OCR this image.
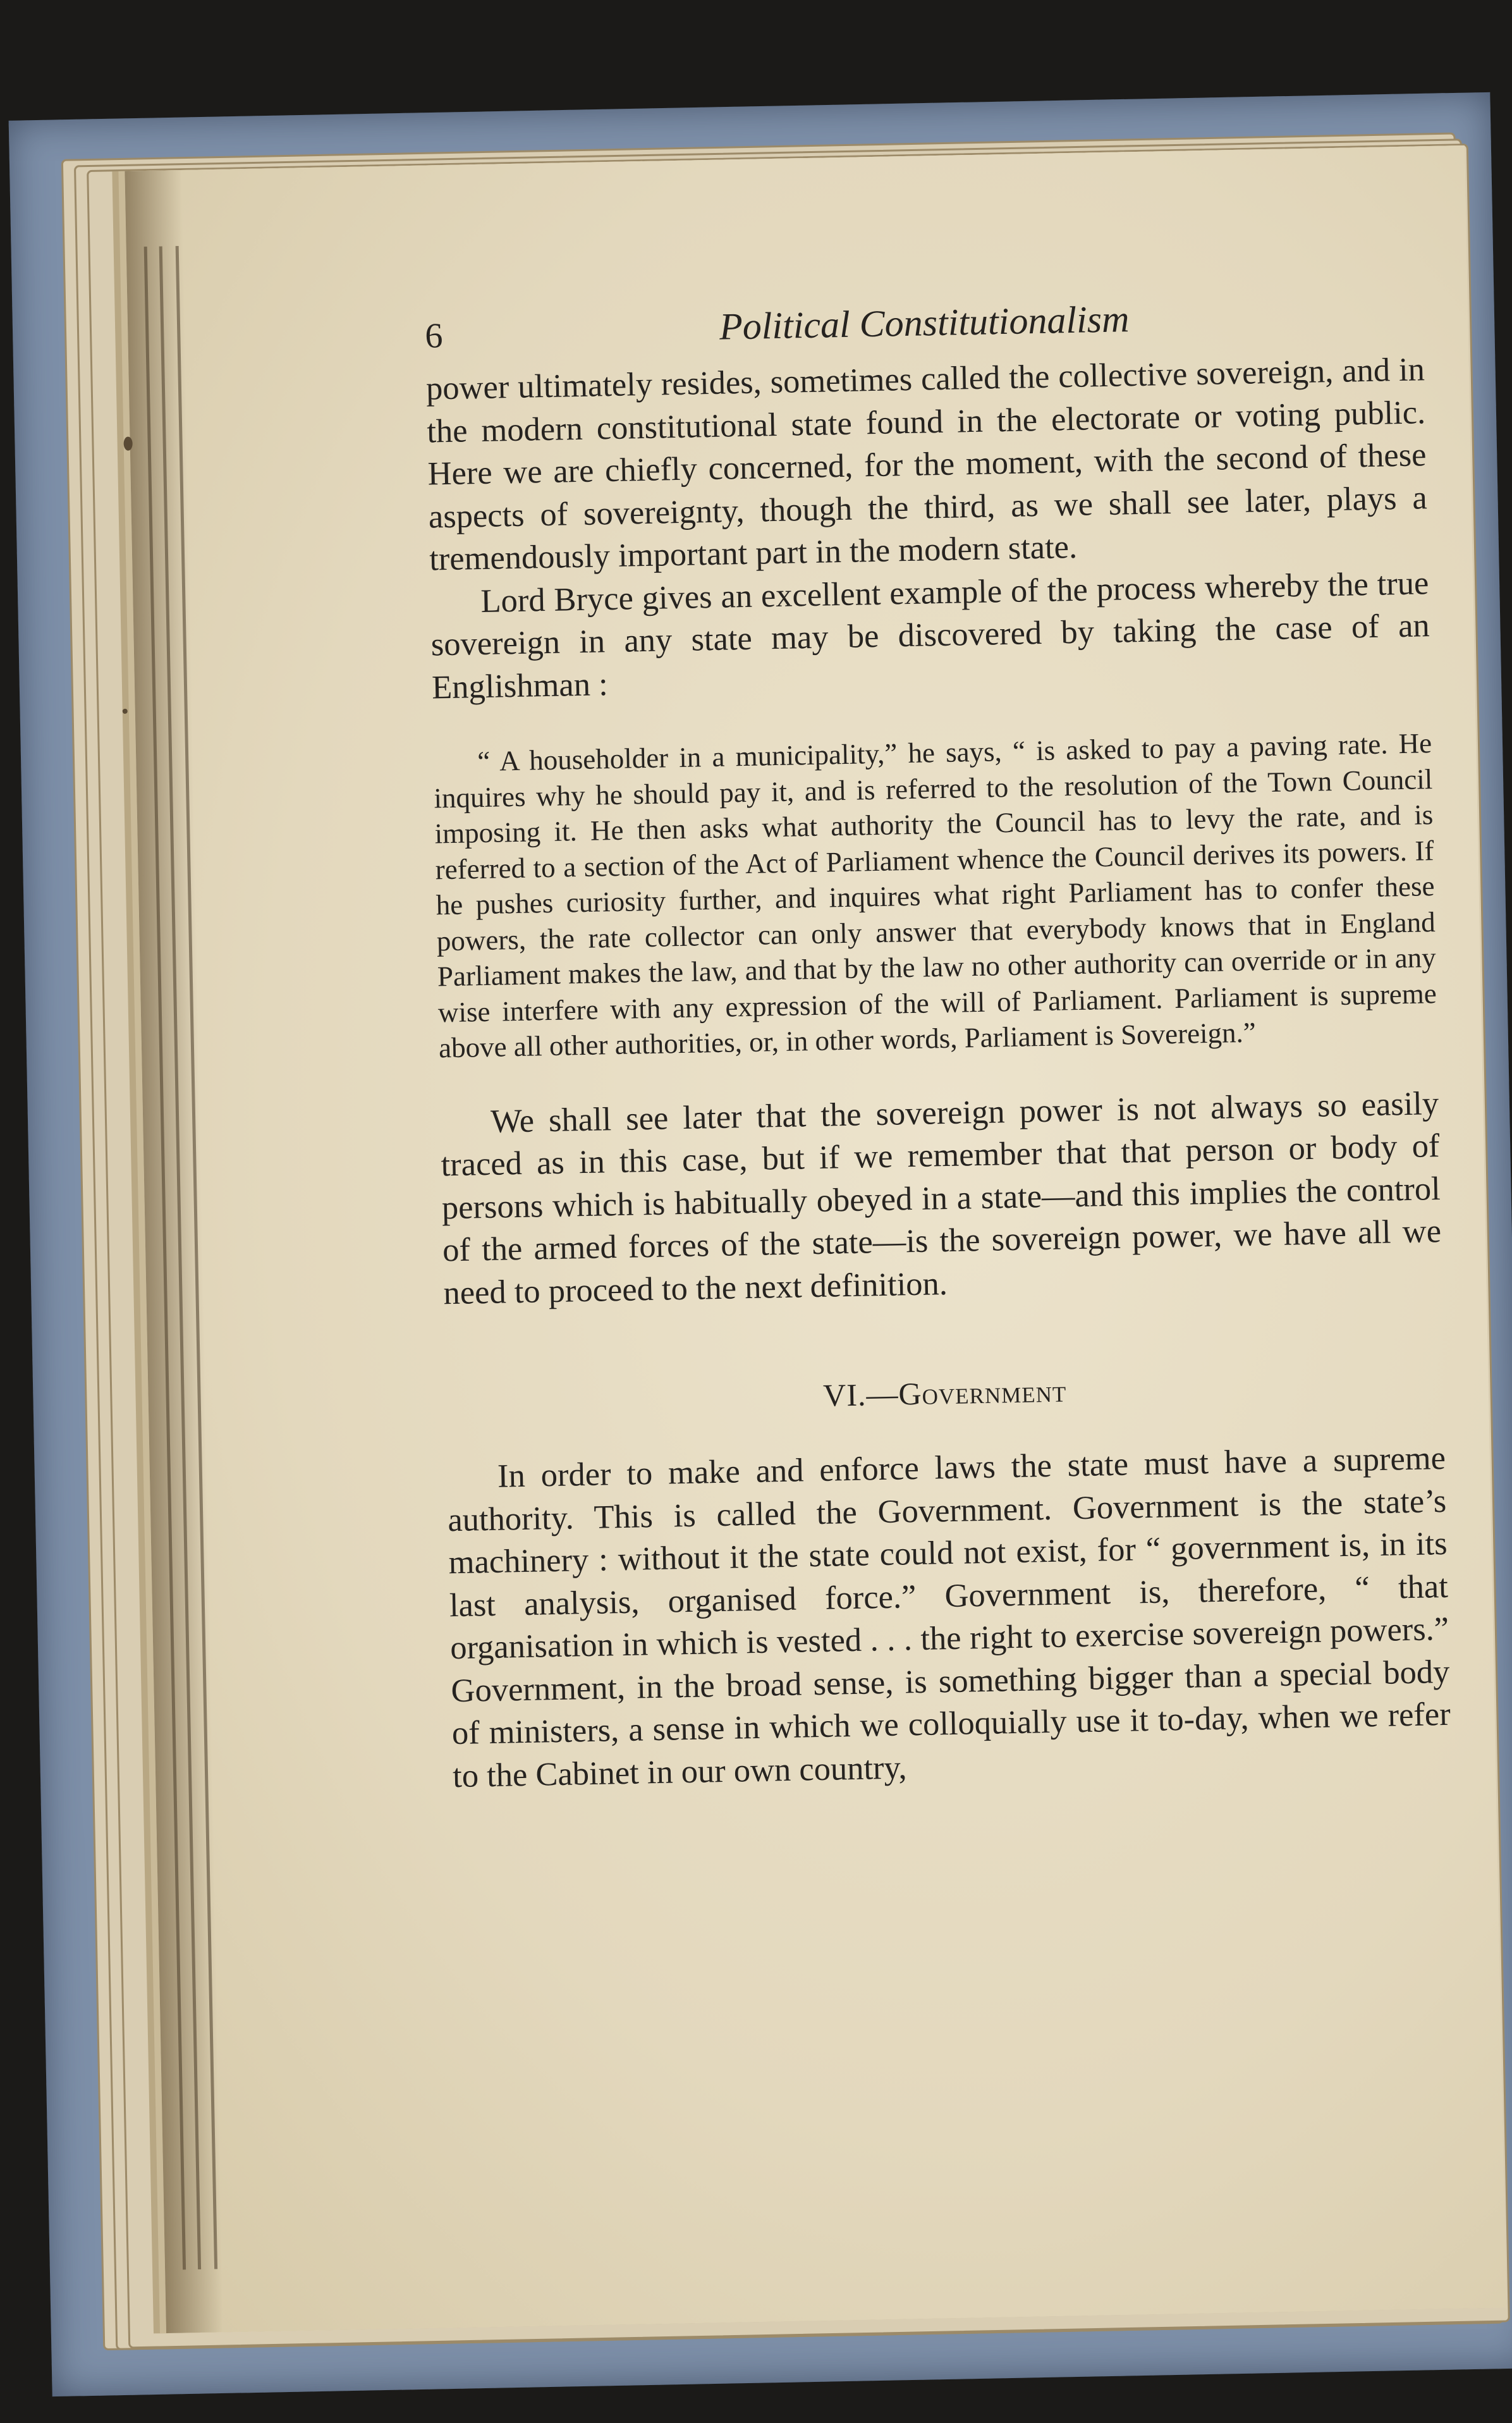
6	Political Constitutionalism

power ultimately resides, sometimes called the collective sovereign, and in the modern constitutional state found in the electorate or voting public. Here we are chiefly concerned, for the moment, with the second of these aspects of sovereignty, though the third, as we shall see later, plays a tremendously important part in the modern state.

Lord Bryce gives an excellent example of the process whereby the true sovereign in any state may be discovered by taking the case of an Englishman :

“ A householder in a municipality,” he says, “ is asked to pay a paving rate. He inquires why he should pay it, and is referred to the resolution of the Town Council imposing it. He then asks what authority the Council has to levy the rate, and is referred to a section of the Act of Parliament whence the Council derives its powers. If he pushes curiosity further, and inquires what right Parliament has to confer these powers, the rate collector can only answer that everybody knows that in England Parliament makes the law, and that by the law no other authority can override or in any wise interfere with any expression of the will of Parliament. Parliament is supreme above all other authorities, or, in other words, Parliament is Sovereign.”

We shall see later that the sovereign power is not always so easily traced as in this case, but if we remember that that person or body of persons which is habitually obeyed in a state—and this implies the control of the armed forces of the state—is the sovereign power, we have all we need to proceed to the next definition.

VI.—Government

In order to make and enforce laws the state must have a supreme authority. This is called the Government. Government is the state’s machinery : without it the state could not exist, for “ government is, in its last analysis, organised force.” Government is, therefore, “ that organisation in which is vested . . . the right to exercise sovereign powers.” Government, in the broad sense, is something bigger than a special body of ministers, a sense in which we colloquially use it to-day, when we refer to the Cabinet in our own country,
